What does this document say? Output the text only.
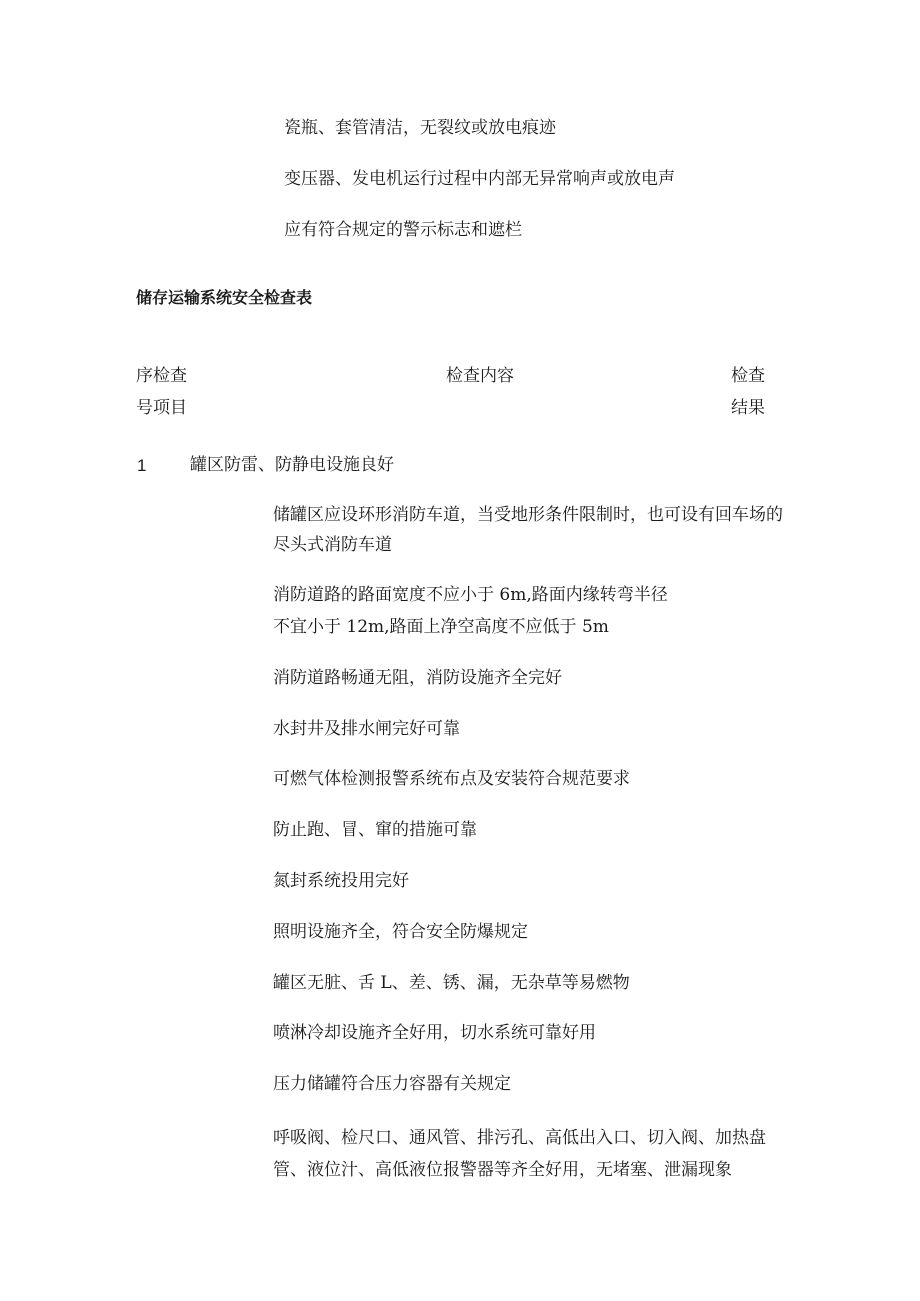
瓷瓶、套管清洁，无裂纹或放电痕迹
变压器、发电机运行过程中内部无异常响声或放电声
应有符合规定的警示标志和遮栏
储存运输系统安全检查表
序检查
号项目
检查内容	检查
结果
1	罐区防雷、防静电设施良好
储罐区应设环形消防车道，当受地形条件限制时，也可设有回车场的
尽头式消防车道
消防道路的路面宽度不应小于 6m,路面内缘转弯半径
不宜小于 12m,路面上净空高度不应低于 5m
消防道路畅通无阻，消防设施齐全完好
水封井及排水闸完好可靠
可燃气体检测报警系统布点及安装符合规范要求
防止跑、冒、窜的措施可靠
氮封系统投用完好
照明设施齐全，符合安全防爆规定
罐区无脏、舌 L、差、锈、漏，无杂草等易燃物
喷淋冷却设施齐全好用，切水系统可靠好用
压力储罐符合压力容器有关规定
呼吸阀、检尺口、通风管、排污孔、高低出入口、切入阀、加热盘
管、液位汁、高低液位报警器等齐全好用，无堵塞、泄漏现象
